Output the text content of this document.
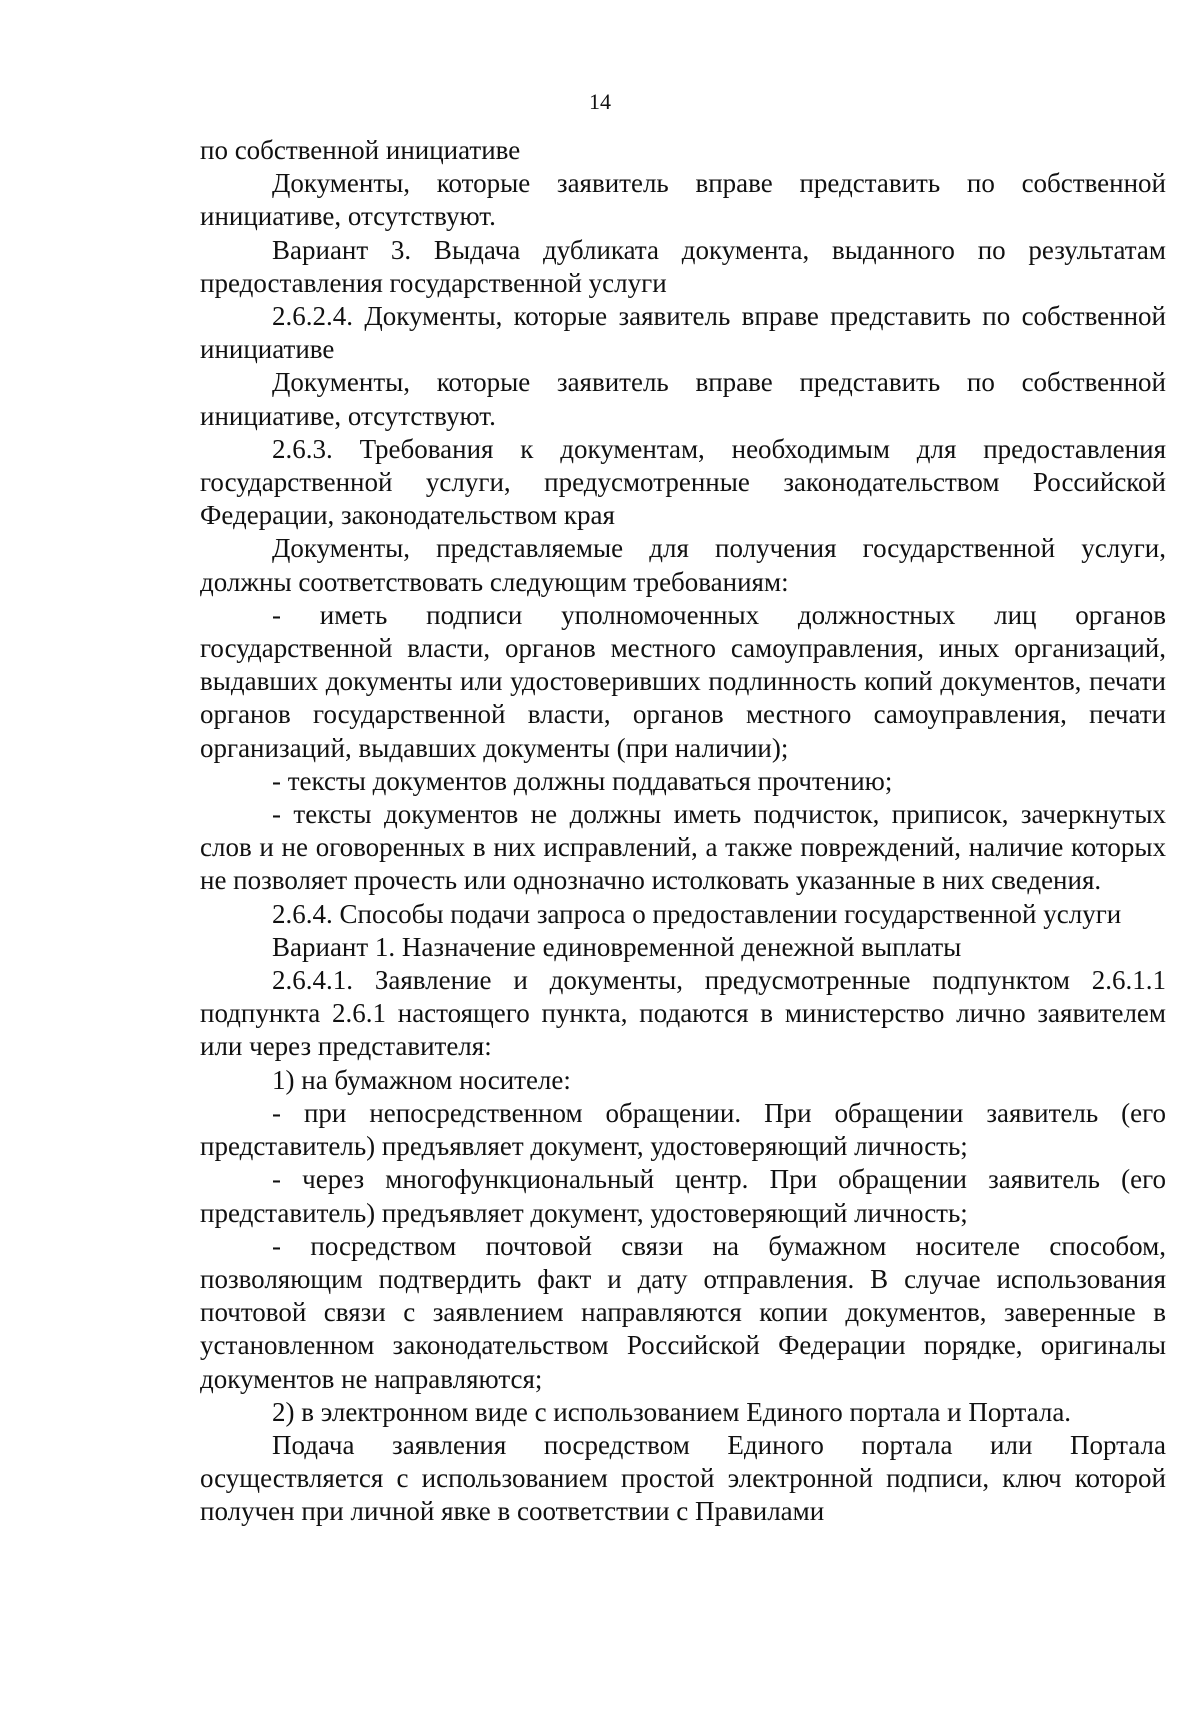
14

по собственной инициативе

Документы, которые заявитель вправе представить по собственной инициативе, отсутствуют.

Вариант 3. Выдача дубликата документа, выданного по результатам предоставления государственной услуги

2.6.2.4. Документы, которые заявитель вправе представить по собственной инициативе

Документы, которые заявитель вправе представить по собственной инициативе, отсутствуют.

2.6.3. Требования к документам, необходимым для предоставления государственной услуги, предусмотренные законодательством Российской Федерации, законодательством края

Документы, представляемые для получения государственной услуги, должны соответствовать следующим требованиям:

- иметь подписи уполномоченных должностных лиц органов государственной власти, органов местного самоуправления, иных организаций, выдавших документы или удостоверивших подлинность копий документов, печати органов государственной власти, органов местного самоуправления, печати организаций, выдавших документы (при наличии);

- тексты документов должны поддаваться прочтению;

- тексты документов не должны иметь подчисток, приписок, зачеркнутых слов и не оговоренных в них исправлений, а также повреждений, наличие которых не позволяет прочесть или однозначно истолковать указанные в них сведения.

2.6.4. Способы подачи запроса о предоставлении государственной услуги

Вариант 1. Назначение единовременной денежной выплаты

2.6.4.1. Заявление и документы, предусмотренные подпунктом 2.6.1.1 подпункта 2.6.1 настоящего пункта, подаются в министерство лично заявителем или через представителя:

1) на бумажном носителе:

- при непосредственном обращении. При обращении заявитель (его представитель) предъявляет документ, удостоверяющий личность;

- через многофункциональный центр. При обращении заявитель (его представитель) предъявляет документ, удостоверяющий личность;

- посредством почтовой связи на бумажном носителе способом, позволяющим подтвердить факт и дату отправления. В случае использования почтовой связи с заявлением направляются копии документов, заверенные в установленном законодательством Российской Федерации порядке, оригиналы документов не направляются;

2) в электронном виде с использованием Единого портала и Портала.

Подача заявления посредством Единого портала или Портала осуществляется с использованием простой электронной подписи, ключ которой получен при личной явке в соответствии с Правилами
